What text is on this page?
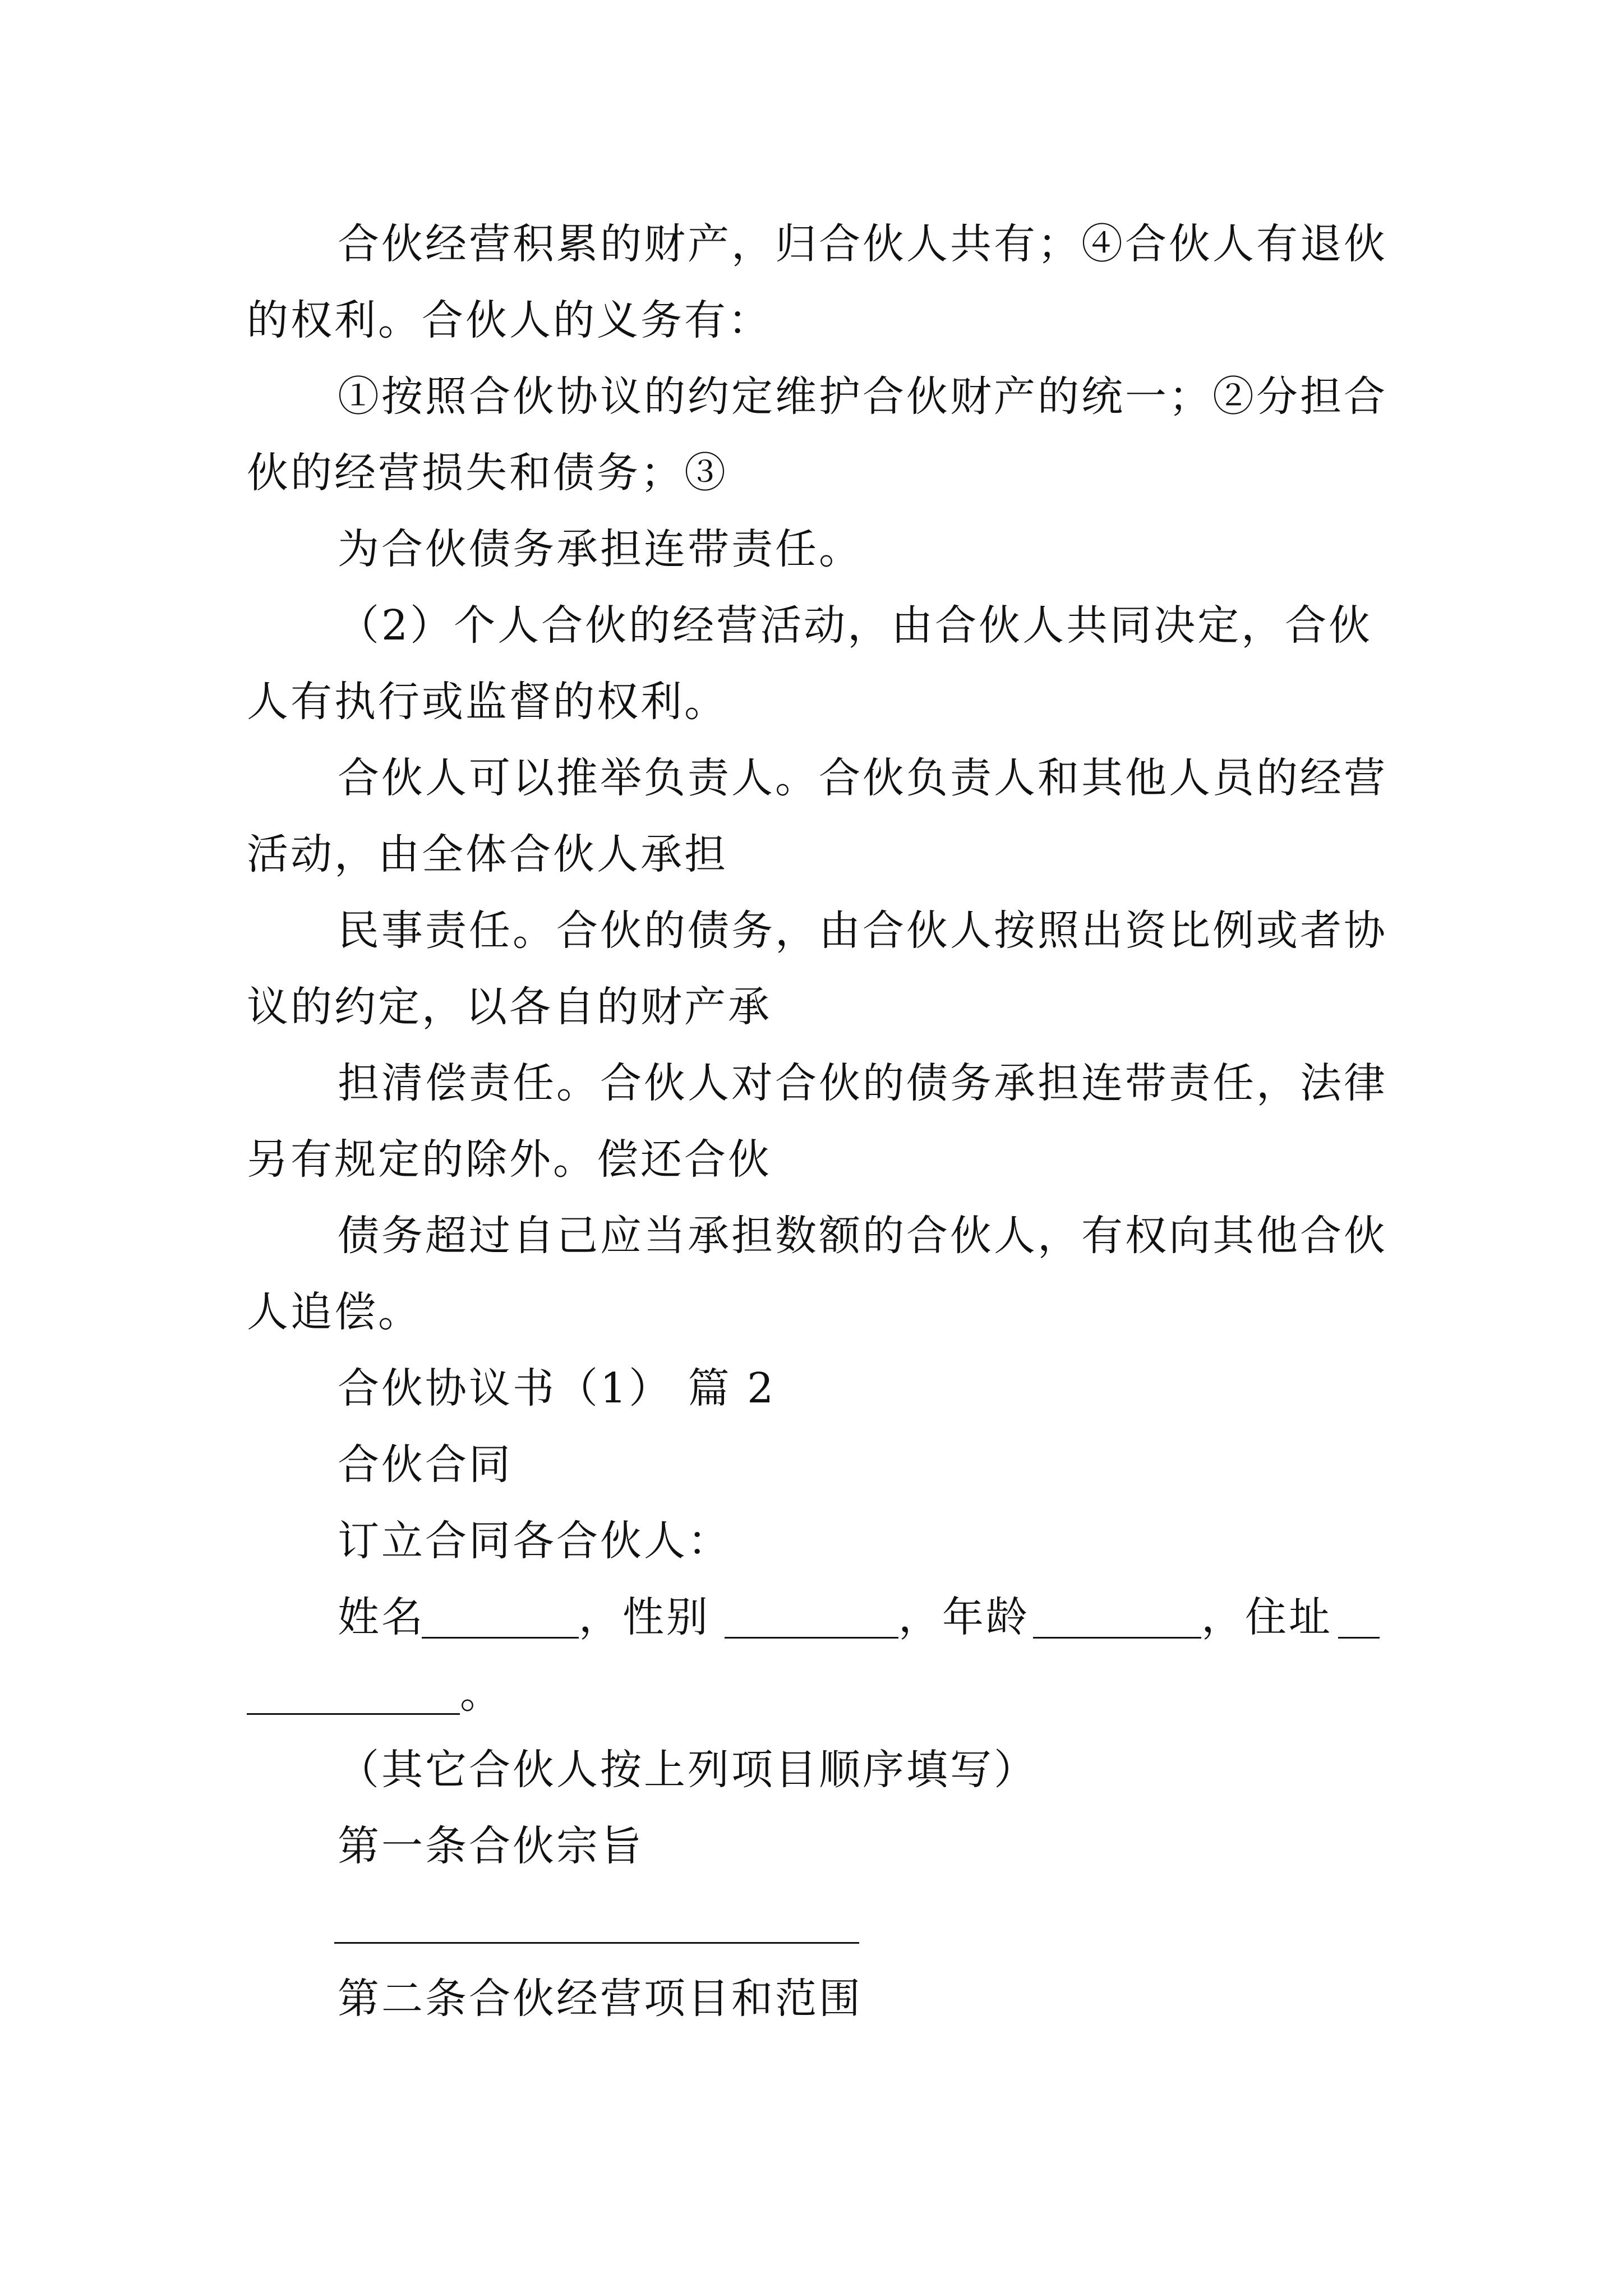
合伙经营积累的财产，归合伙人共有；④合伙人有退伙
的权利。合伙人的义务有：
①按照合伙协议的约定维护合伙财产的统一；②分担合
伙的经营损失和债务；③
为合伙债务承担连带责任。
（2）个人合伙的经营活动，由合伙人共同决定，合伙
人有执行或监督的权利。
合伙人可以推举负责人。合伙负责人和其他人员的经营
活动，由全体合伙人承担
民事责任。合伙的债务，由合伙人按照出资比例或者协
议的约定，以各自的财产承
担清偿责任。合伙人对合伙的债务承担连带责任，法律
另有规定的除外。偿还合伙
债务超过自己应当承担数额的合伙人，有权向其他合伙
人追偿。
合伙协议书（1） 篇 2
合伙合同
订立合同各合伙人：
姓名	，性别	，年龄	，住址
。
（其它合伙人按上列项目顺序填写）
第一条合伙宗旨
第二条合伙经营项目和范围
